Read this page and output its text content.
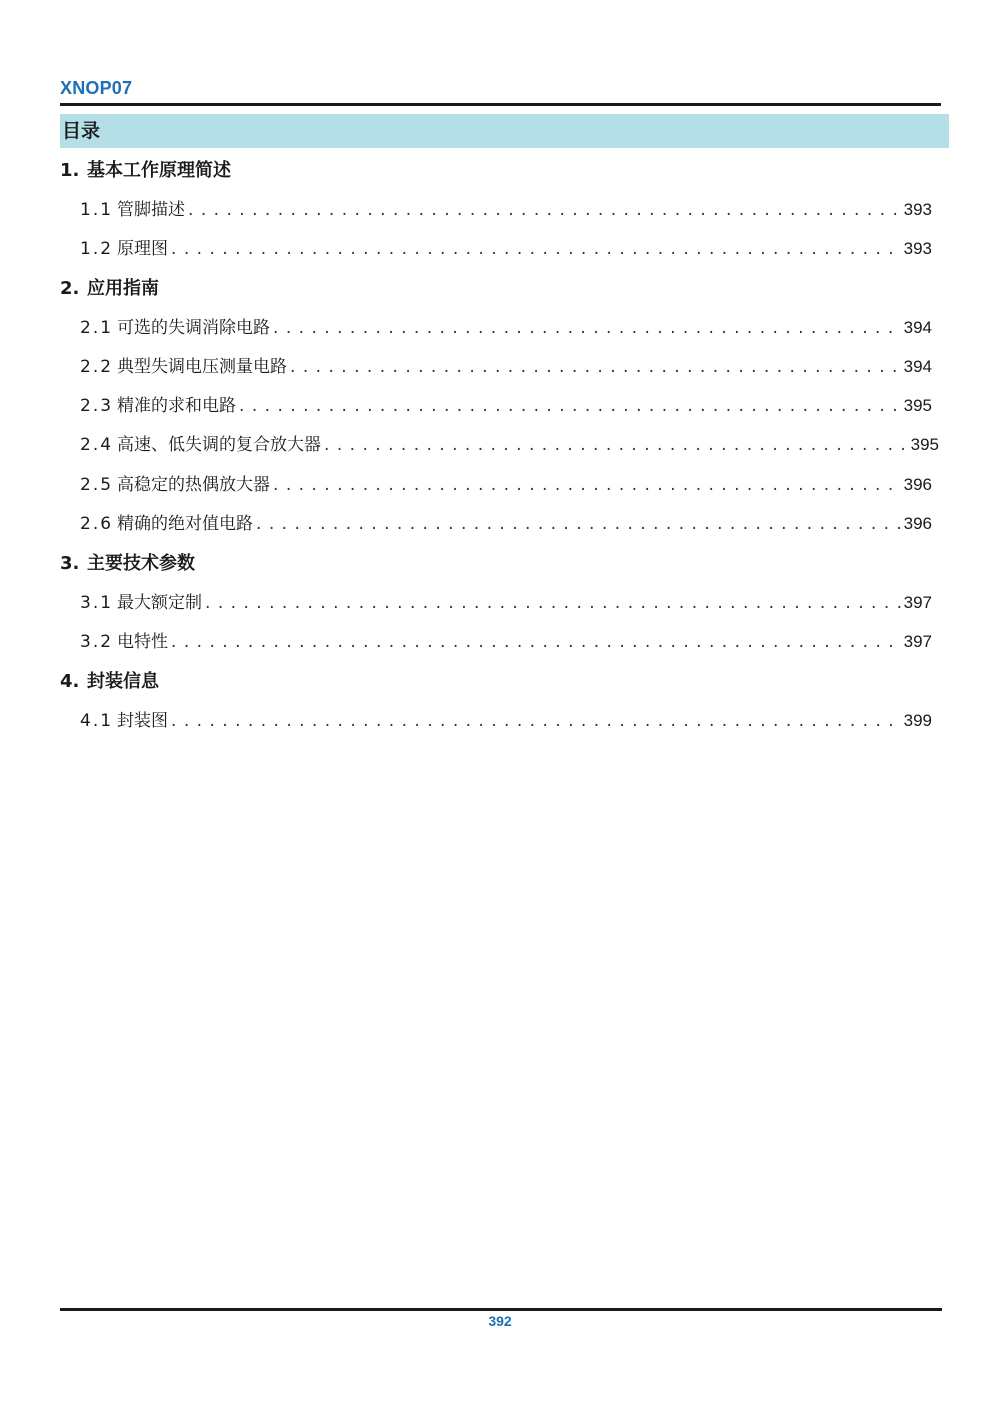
XNOP07
目录
1. 基本工作原理简述
1.1 管脚描述 . . .	393
1.2 原理图 . . .	393
2. 应用指南
2.1 可选的失调消除电路 . . .	394
2.2 典型失调电压测量电路 . . .	394
2.3 精准的求和电路 . . .	395
2.4 高速、低失调的复合放大器 . . .	395
2.5 高稳定的热偶放大器 . . .	396
2.6 精确的绝对值电路 . . .	396
3. 主要技术参数
3.1 最大额定制 . . .	397
3.2 电特性 . . .	397
4. 封装信息
4.1 封装图 . . .	399
392
